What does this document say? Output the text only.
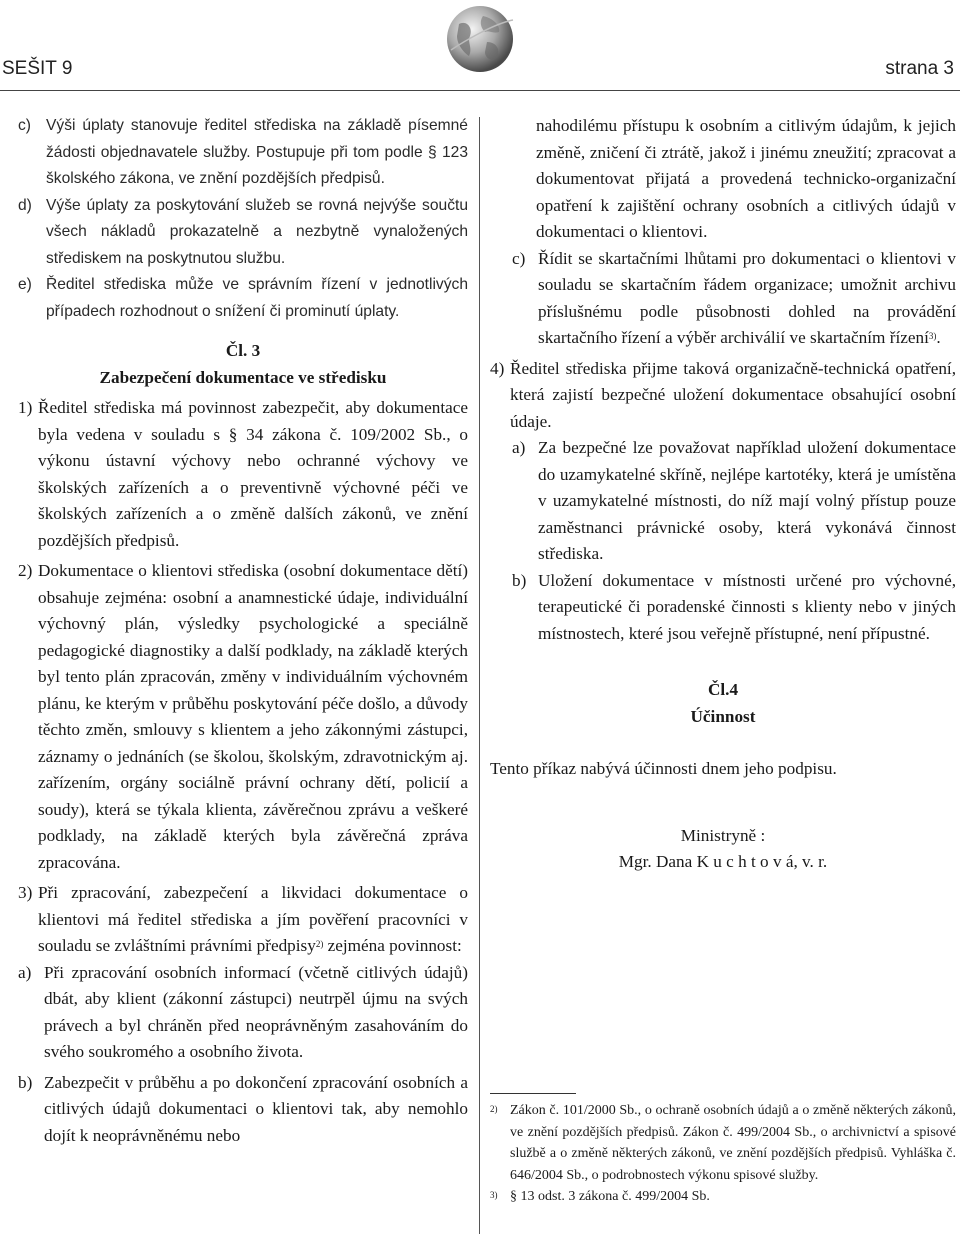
SEŠIT 9	strana 3
c) Výši úplaty stanovuje ředitel střediska na základě písemné žádosti objednavatele služby. Postupuje při tom podle § 123 školského zákona, ve znění pozdějších předpisů.
d) Výše úplaty za poskytování služeb se rovná nejvýše součtu všech nákladů prokazatelně a nezbytně vynaložených střediskem na poskytnutou službu.
e) Ředitel střediska může ve správním řízení v jednotlivých případech rozhodnout o snížení či prominutí úplaty.
Čl. 3
Zabezpečení dokumentace ve středisku
1) Ředitel střediska má povinnost zabezpečit, aby dokumentace byla vedena v souladu s § 34 zákona č. 109/2002 Sb., o výkonu ústavní výchovy nebo ochranné výchovy ve školských zařízeních a o preventivně výchovné péči ve školských zařízeních a o změně dalších zákonů, ve znění pozdějších předpisů.
2) Dokumentace o klientovi střediska (osobní dokumentace dětí) obsahuje zejména: osobní a anamnestické údaje, individuální výchovný plán, výsledky psychologické a speciálně pedagogické diagnostiky a další podklady, na základě kterých byl tento plán zpracován, změny v individuálním výchovném plánu, ke kterým v průběhu poskytování péče došlo, a důvody těchto změn, smlouvy s klientem a jeho zákonnými zástupci, záznamy o jednáních (se školou, školským, zdravotnickým aj. zařízením, orgány sociálně právní ochrany dětí, policií a soudy), která se týkala klienta, závěrečnou zprávu a veškeré podklady, na základě kterých byla závěrečná zpráva zpracována.
3) Při zpracování, zabezpečení a likvidaci dokumentace o klientovi má ředitel střediska a jím pověření pracovníci v souladu se zvláštními právními předpisy$^{2)}$ zejména povinnost:
a) Při zpracování osobních informací (včetně citlivých údajů) dbát, aby klient (zákonní zástupci) neutrpěl újmu na svých právech a byl chráněn před neoprávněným zasahováním do svého soukromého a osobního života.
b) Zabezpečit v průběhu a po dokončení zpracování osobních a citlivých údajů dokumentaci o klientovi tak, aby nemohlo dojít k neoprávněnému nebo
nahodilému přístupu k osobním a citlivým údajům, k jejich změně, zničení či ztrátě, jakož i jinému zneužití; zpracovat a dokumentovat přijatá a provedená technicko-organizační opatření k zajištění ochrany osobních a citlivých údajů v dokumentaci o klientovi.
c) Řídit se skartačními lhůtami pro dokumentaci o klientovi v souladu se skartačním řádem organizace; umožnit archivu příslušnému podle působnosti dohled na provádění skartačního řízení a výběr archiválií ve skartačním řízení$^{3)}$.
4) Ředitel střediska přijme taková organizačně-technická opatření, která zajistí bezpečné uložení dokumentace obsahující osobní údaje.
a) Za bezpečné lze považovat například uložení dokumentace do uzamykatelné skříně, nejlépe kartotéky, která je umístěna v uzamykatelné místnosti, do níž mají volný přístup pouze zaměstnanci právnické osoby, která vykonává činnost střediska.
b) Uložení dokumentace v místnosti určené pro výchovné, terapeutické či poradenské činnosti s klienty nebo v jiných místnostech, které jsou veřejně přístupné, není přípustné.
Čl.4
Účinnost
Tento příkaz nabývá účinnosti dnem jeho podpisu.
Ministryně :
Mgr. Dana K u c h t o v á, v. r.
2) Zákon č. 101/2000 Sb., o ochraně osobních údajů a o změně některých zákonů, ve znění pozdějších předpisů. Zákon č. 499/2004 Sb., o archivnictví a spisové službě a o změně některých zákonů, ve znění pozdějších předpisů. Vyhláška č. 646/2004 Sb., o podrobnostech výkonu spisové služby.
3) § 13 odst. 3 zákona č. 499/2004 Sb.
